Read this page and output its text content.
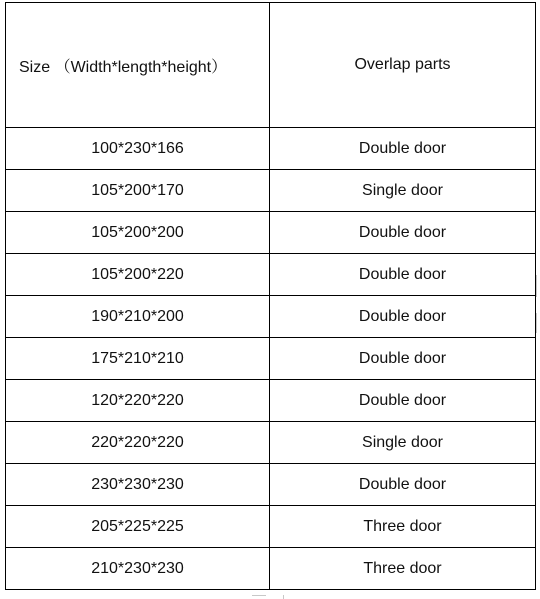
Size （Width*length*height）	Overlap parts
100*230*166	Double door
105*200*170	Single door
105*200*200	Double door
105*200*220	Double door
190*210*200	Double door
175*210*210	Double door
120*220*220	Double door
220*220*220	Single door
230*230*230	Double door
205*225*225	Three door
210*230*230	Three door
